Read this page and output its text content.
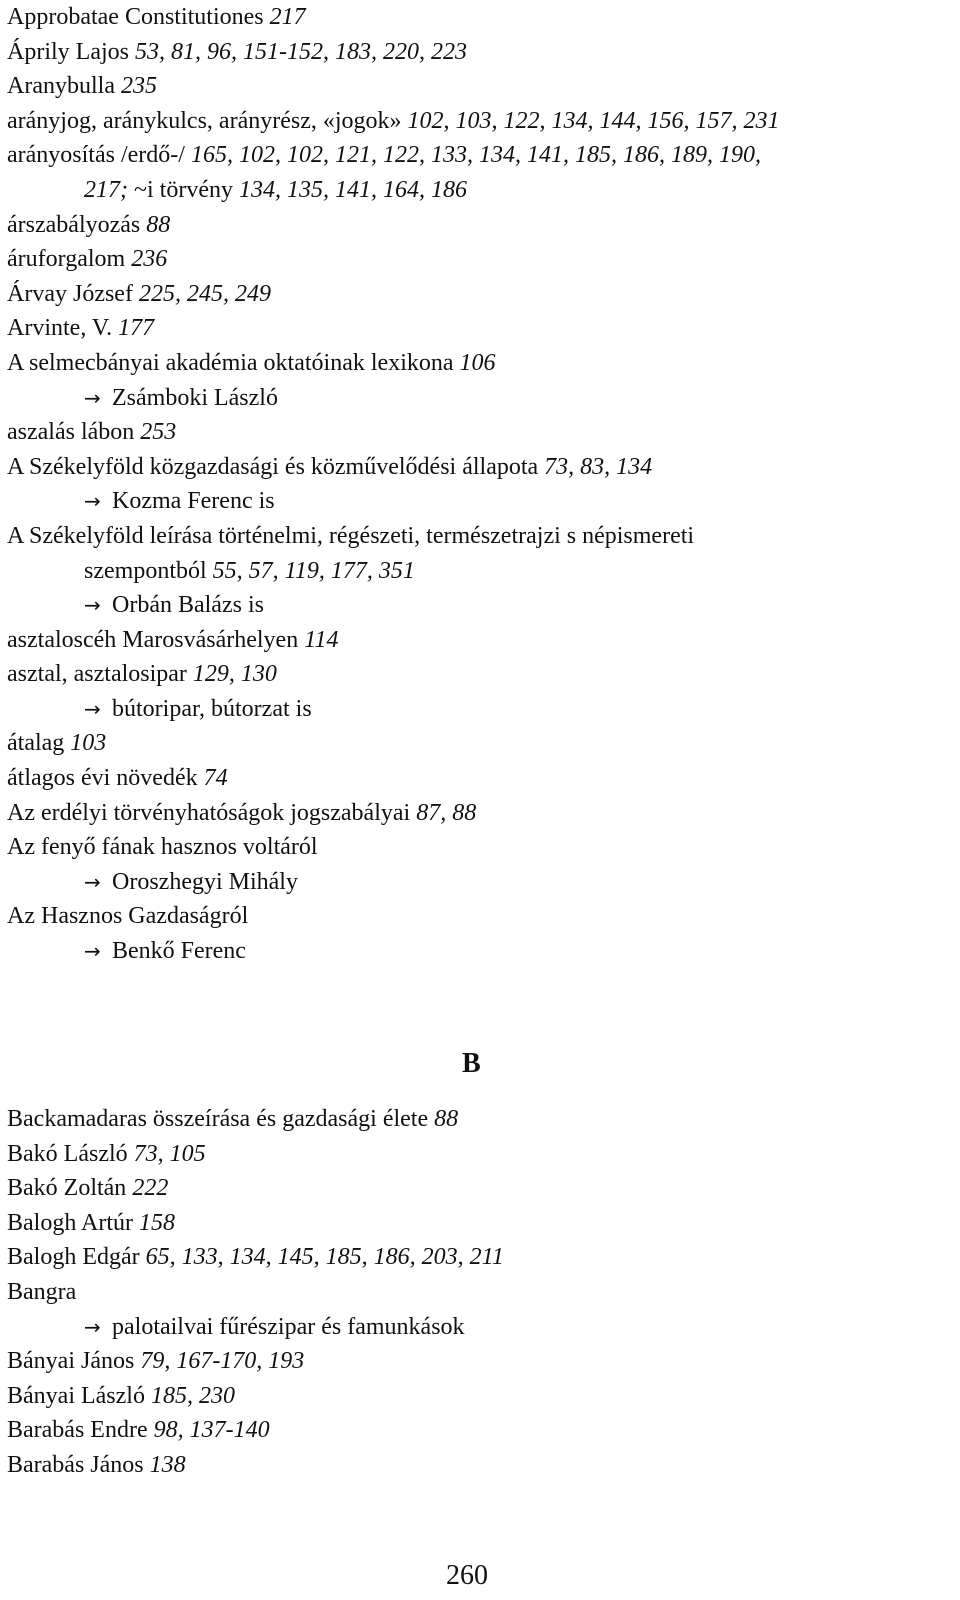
Approbatae Constitutiones 217
Áprily Lajos 53, 81, 96, 151-152, 183, 220, 223
Aranybulla 235
arányjog, aránykulcs, arányrész, «jogok» 102, 103, 122, 134, 144, 156, 157, 231
arányosítás /erdő-/ 165, 102, 102, 121, 122, 133, 134, 141, 185, 186, 189, 190,
217; ~i törvény 134, 135, 141, 164, 186
árszabályozás 88
áruforgalom 236
Árvay József 225, 245, 249
Arvinte, V. 177
A selmecbányai akadémia oktatóinak lexikona 106
→ Zsámboki László
aszalás lábon 253
A Székelyföld közgazdasági és közművelődési állapota 73, 83, 134
→ Kozma Ferenc is
A Székelyföld leírása történelmi, régészeti, természetrajzi s népismereti
szempontból 55, 57, 119, 177, 351
→ Orbán Balázs is
asztaloscéh Marosvásárhelyen 114
asztal, asztalosipar 129, 130
→ bútoripar, bútorzat is
átalag 103
átlagos évi növedék 74
Az erdélyi törvényhatóságok jogszabályai 87, 88
Az fenyő fának hasznos voltáról
→ Oroszhegyi Mihály
Az Hasznos Gazdaságról
→ Benkő Ferenc
B
Backamadaras összeírása és gazdasági élete 88
Bakó László 73, 105
Bakó Zoltán 222
Balogh Artúr 158
Balogh Edgár 65, 133, 134, 145, 185, 186, 203, 211
Bangra
→ palotailvai fűrészipar és famunkások
Bányai János 79, 167-170, 193
Bányai László 185, 230
Barabás Endre 98, 137-140
Barabás János 138
260
